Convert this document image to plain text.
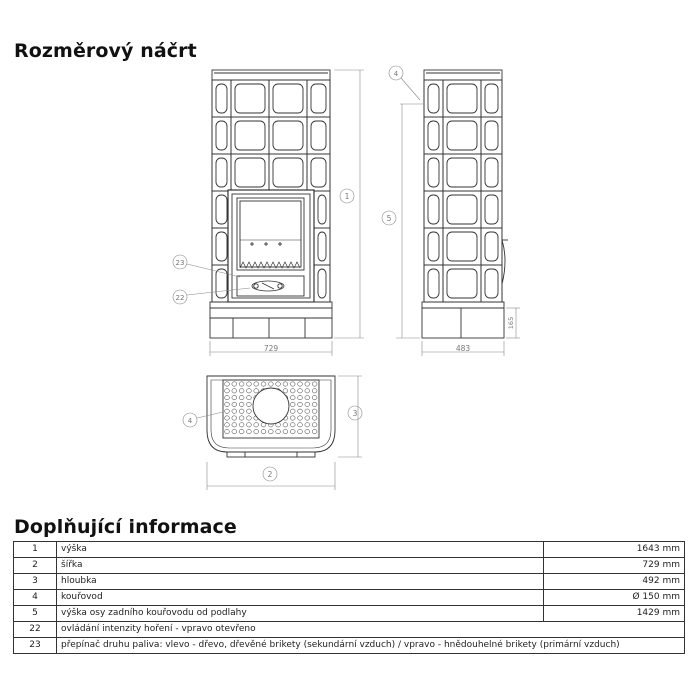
Rozměrový náčrt
729
1
23
22
483
5
4
165
2
3
4
Doplňující informace
1	výška	1643 mm
2	šířka	729 mm
3	hloubka	492 mm
4	kouřovod	Ø 150 mm
5	výška osy zadního kouřovodu od podlahy	1429 mm
22	ovládání intenzity hoření - vpravo otevřeno	
23	přepínač druhu paliva: vlevo - dřevo, dřevěné brikety (sekundární vzduch) / vpravo - hnědouhelné brikety (primární vzduch)	
